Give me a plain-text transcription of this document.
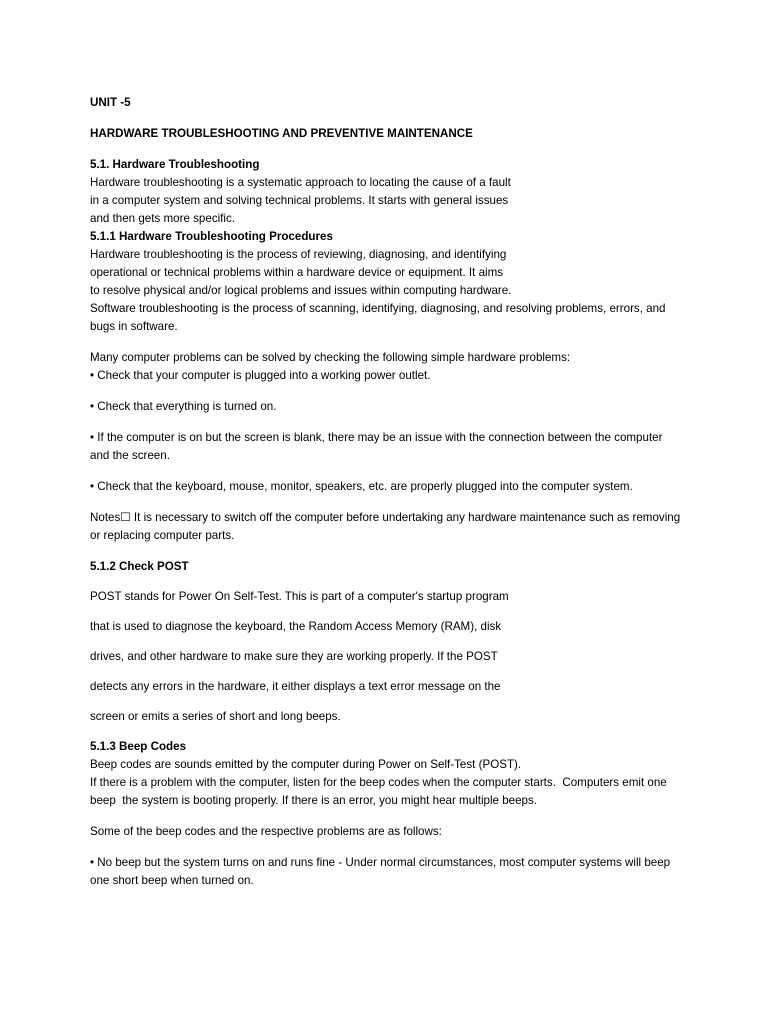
UNIT -5
HARDWARE TROUBLESHOOTING AND PREVENTIVE MAINTENANCE
5.1. Hardware Troubleshooting
Hardware troubleshooting is a systematic approach to locating the cause of a fault
in a computer system and solving technical problems. It starts with general issues
and then gets more specific.
5.1.1 Hardware Troubleshooting Procedures
Hardware troubleshooting is the process of reviewing, diagnosing, and identifying
operational or technical problems within a hardware device or equipment. It aims
to resolve physical and/or logical problems and issues within computing hardware.
Software troubleshooting is the process of scanning, identifying, diagnosing, and resolving problems, errors, and
bugs in software.
Many computer problems can be solved by checking the following simple hardware problems:
• Check that your computer is plugged into a working power outlet.
• Check that everything is turned on.
• If the computer is on but the screen is blank, there may be an issue with the connection between the computer
and the screen.
• Check that the keyboard, mouse, monitor, speakers, etc. are properly plugged into the computer system.
Notes☐ It is necessary to switch off the computer before undertaking any hardware maintenance such as removing
or replacing computer parts.
5.1.2 Check POST
POST stands for Power On Self-Test. This is part of a computer's startup program
that is used to diagnose the keyboard, the Random Access Memory (RAM), disk
drives, and other hardware to make sure they are working properly. If the POST
detects any errors in the hardware, it either displays a text error message on the
screen or emits a series of short and long beeps.
5.1.3 Beep Codes
Beep codes are sounds emitted by the computer during Power on Self-Test (POST).
If there is a problem with the computer, listen for the beep codes when the computer starts.  Computers emit one
beep  the system is booting properly. If there is an error, you might hear multiple beeps.
Some of the beep codes and the respective problems are as follows:
• No beep but the system turns on and runs fine - Under normal circumstances, most computer systems will beep
one short beep when turned on.
